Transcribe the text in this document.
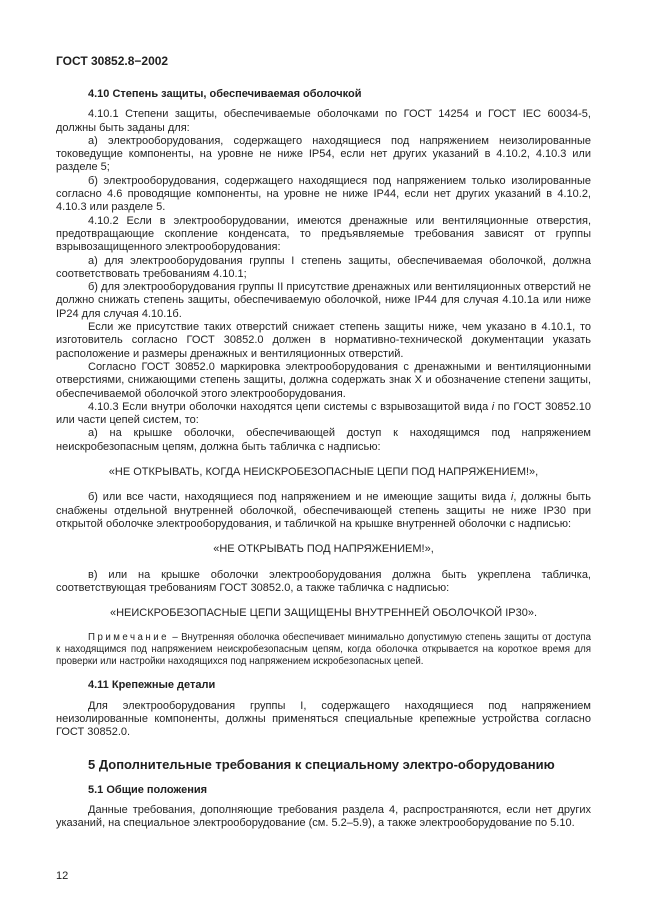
ГОСТ 30852.8−2002
4.10 Степень защиты, обеспечиваемая оболочкой

4.10.1 Степени защиты, обеспечиваемые оболочками по ГОСТ 14254 и ГОСТ IEC 60034-5, должны быть заданы для:

а) электрооборудования, содержащего находящиеся под напряжением неизолированные токоведущие компоненты, на уровне не ниже IP54, если нет других указаний в 4.10.2, 4.10.3 или разделе 5;

б) электрооборудования, содержащего находящиеся под напряжением только изолированные согласно 4.6 проводящие компоненты, на уровне не ниже IP44, если нет других указаний в 4.10.2, 4.10.3 или разделе 5.

4.10.2 Если в электрооборудовании, имеются дренажные или вентиляционные отверстия, предотвращающие скопление конденсата, то предъявляемые требования зависят от группы взрывозащищенного электрооборудования:

а) для электрооборудования группы I степень защиты, обеспечиваемая оболочкой, должна соответствовать требованиям 4.10.1;

б) для электрооборудования группы II присутствие дренажных или вентиляционных отверстий не должно снижать степень защиты, обеспечиваемую оболочкой, ниже IP44 для случая 4.10.1а или ниже IP24 для случая 4.10.1б.

Если же присутствие таких отверстий снижает степень защиты ниже, чем указано в 4.10.1, то изготовитель согласно ГОСТ 30852.0 должен в нормативно-технической документации указать расположение и размеры дренажных и вентиляционных отверстий.

Согласно ГОСТ 30852.0 маркировка электрооборудования с дренажными и вентиляционными отверстиями, снижающими степень защиты, должна содержать знак Х и обозначение степени защиты, обеспечиваемой оболочкой этого электрооборудования.

4.10.3 Если внутри оболочки находятся цепи системы с взрывозащитой вида i по ГОСТ 30852.10 или части цепей систем, то:

а) на крышке оболочки, обеспечивающей доступ к находящимся под напряжением неискробезопасным цепям, должна быть табличка с надписью:

«НЕ ОТКРЫВАТЬ, КОГДА НЕИСКРОБЕЗОПАСНЫЕ ЦЕПИ ПОД НАПРЯЖЕНИЕМ!»,

б) или все части, находящиеся под напряжением и не имеющие защиты вида i, должны быть снабжены отдельной внутренней оболочкой, обеспечивающей степень защиты не ниже IP30 при открытой оболочке электрооборудования, и табличкой на крышке внутренней оболочки с надписью:

«НЕ ОТКРЫВАТЬ ПОД НАПРЯЖЕНИЕМ!»,

в) или на крышке оболочки электрооборудования должна быть укреплена табличка, соответствующая требованиям ГОСТ 30852.0, а также табличка с надписью:

«НЕИСКРОБЕЗОПАСНЫЕ ЦЕПИ ЗАЩИЩЕНЫ ВНУТРЕННЕЙ ОБОЛОЧКОЙ IP30».

Примечание – Внутренняя оболочка обеспечивает минимально допустимую степень защиты от доступа к находящимся под напряжением неискробезопасным цепям, когда оболочка открывается на короткое время для проверки или настройки находящихся под напряжением искробезопасных цепей.

4.11 Крепежные детали

Для электрооборудования группы I, содержащего находящиеся под напряжением неизолированные компоненты, должны применяться специальные крепежные устройства согласно ГОСТ 30852.0.

5 Дополнительные требования к специальному электро-оборудованию
5.1 Общие положения

Данные требования, дополняющие требования раздела 4, распространяются, если нет других указаний, на специальное электрооборудование (см. 5.2–5.9), а также электрооборудование по 5.10.

12
